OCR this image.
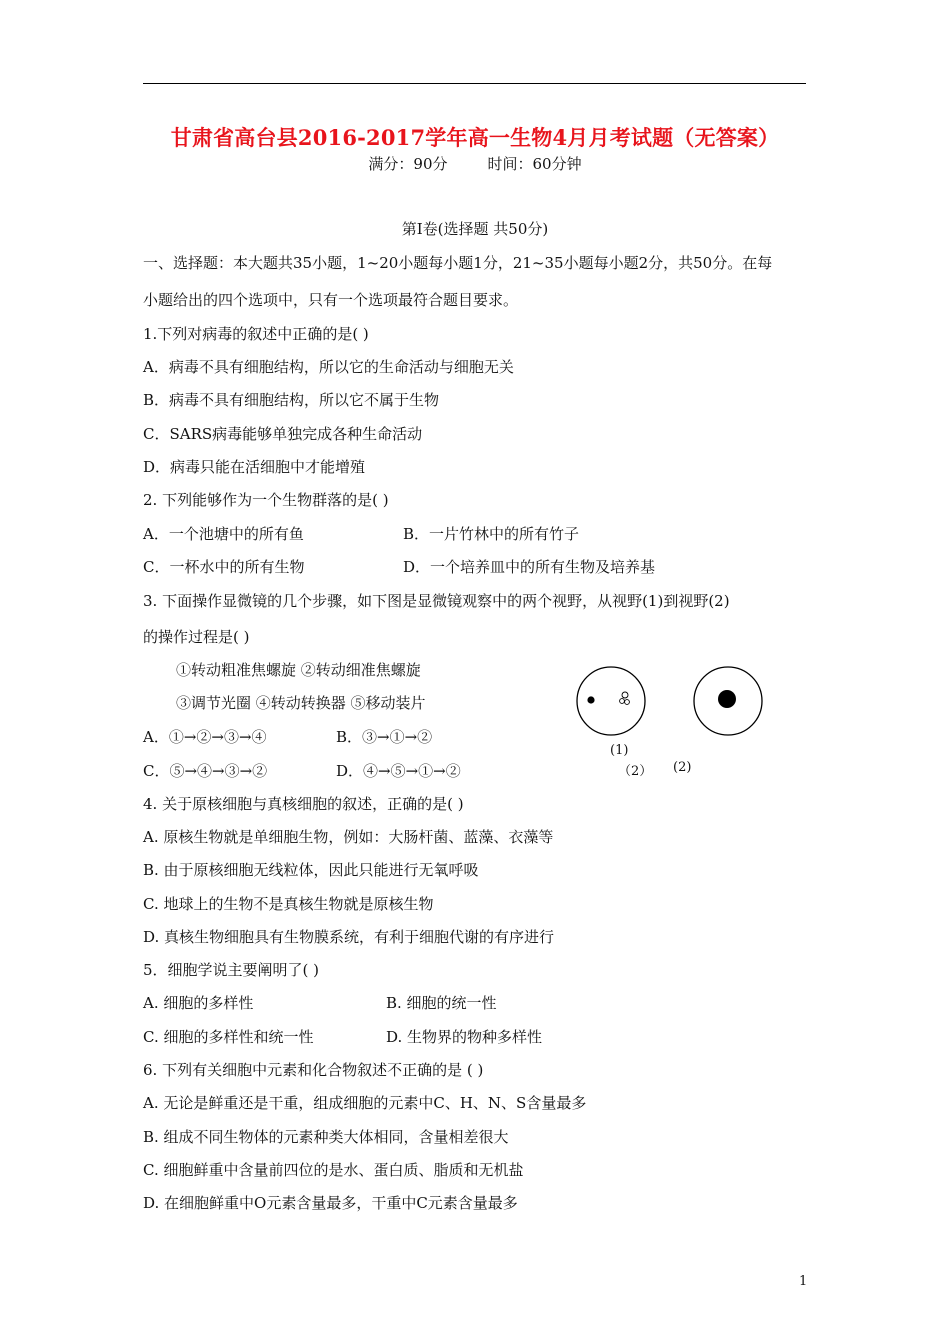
甘肃省高台县2016-2017学年高一生物4月月考试题（无答案）
满分：90分	时间：60分钟
第Ⅰ卷(选择题 共50分)
一、选择题：本大题共35小题，1~20小题每小题1分，21~35小题每小题2分，共50分。在每
小题给出的四个选项中，只有一个选项最符合题目要求。
1.下列对病毒的叙述中正确的是( )
A．病毒不具有细胞结构，所以它的生命活动与细胞无关
B．病毒不具有细胞结构，所以它不属于生物
C．SARS病毒能够单独完成各种生命活动
D．病毒只能在活细胞中才能增殖
2. 下列能够作为一个生物群落的是( )
A．一个池塘中的所有鱼	B．一片竹林中的所有竹子
C．一杯水中的所有生物	D．一个培养皿中的所有生物及培养基
3. 下面操作显微镜的几个步骤，如下图是显微镜观察中的两个视野，从视野(1)到视野(2)
的操作过程是( )
①转动粗准焦螺旋 ②转动细准焦螺旋
③调节光圈 ④转动转换器 ⑤移动装片
A．①→②→③→④	B．③→①→②
C．⑤→④→③→②	D．④→⑤→①→②
(1)
（2） (2)
4. 关于原核细胞与真核细胞的叙述，正确的是( )
A. 原核生物就是单细胞生物，例如：大肠杆菌、蓝藻、衣藻等
B. 由于原核细胞无线粒体，因此只能进行无氧呼吸
C. 地球上的生物不是真核生物就是原核生物
D. 真核生物细胞具有生物膜系统，有利于细胞代谢的有序进行
5．细胞学说主要阐明了( )
A. 细胞的多样性	B. 细胞的统一性
C. 细胞的多样性和统一性	D. 生物界的物种多样性
6. 下列有关细胞中元素和化合物叙述不正确的是 ( )
A. 无论是鲜重还是干重，组成细胞的元素中C、H、N、S含量最多
B. 组成不同生物体的元素种类大体相同，含量相差很大
C. 细胞鲜重中含量前四位的是水、蛋白质、脂质和无机盐
D. 在细胞鲜重中O元素含量最多，干重中C元素含量最多
1
